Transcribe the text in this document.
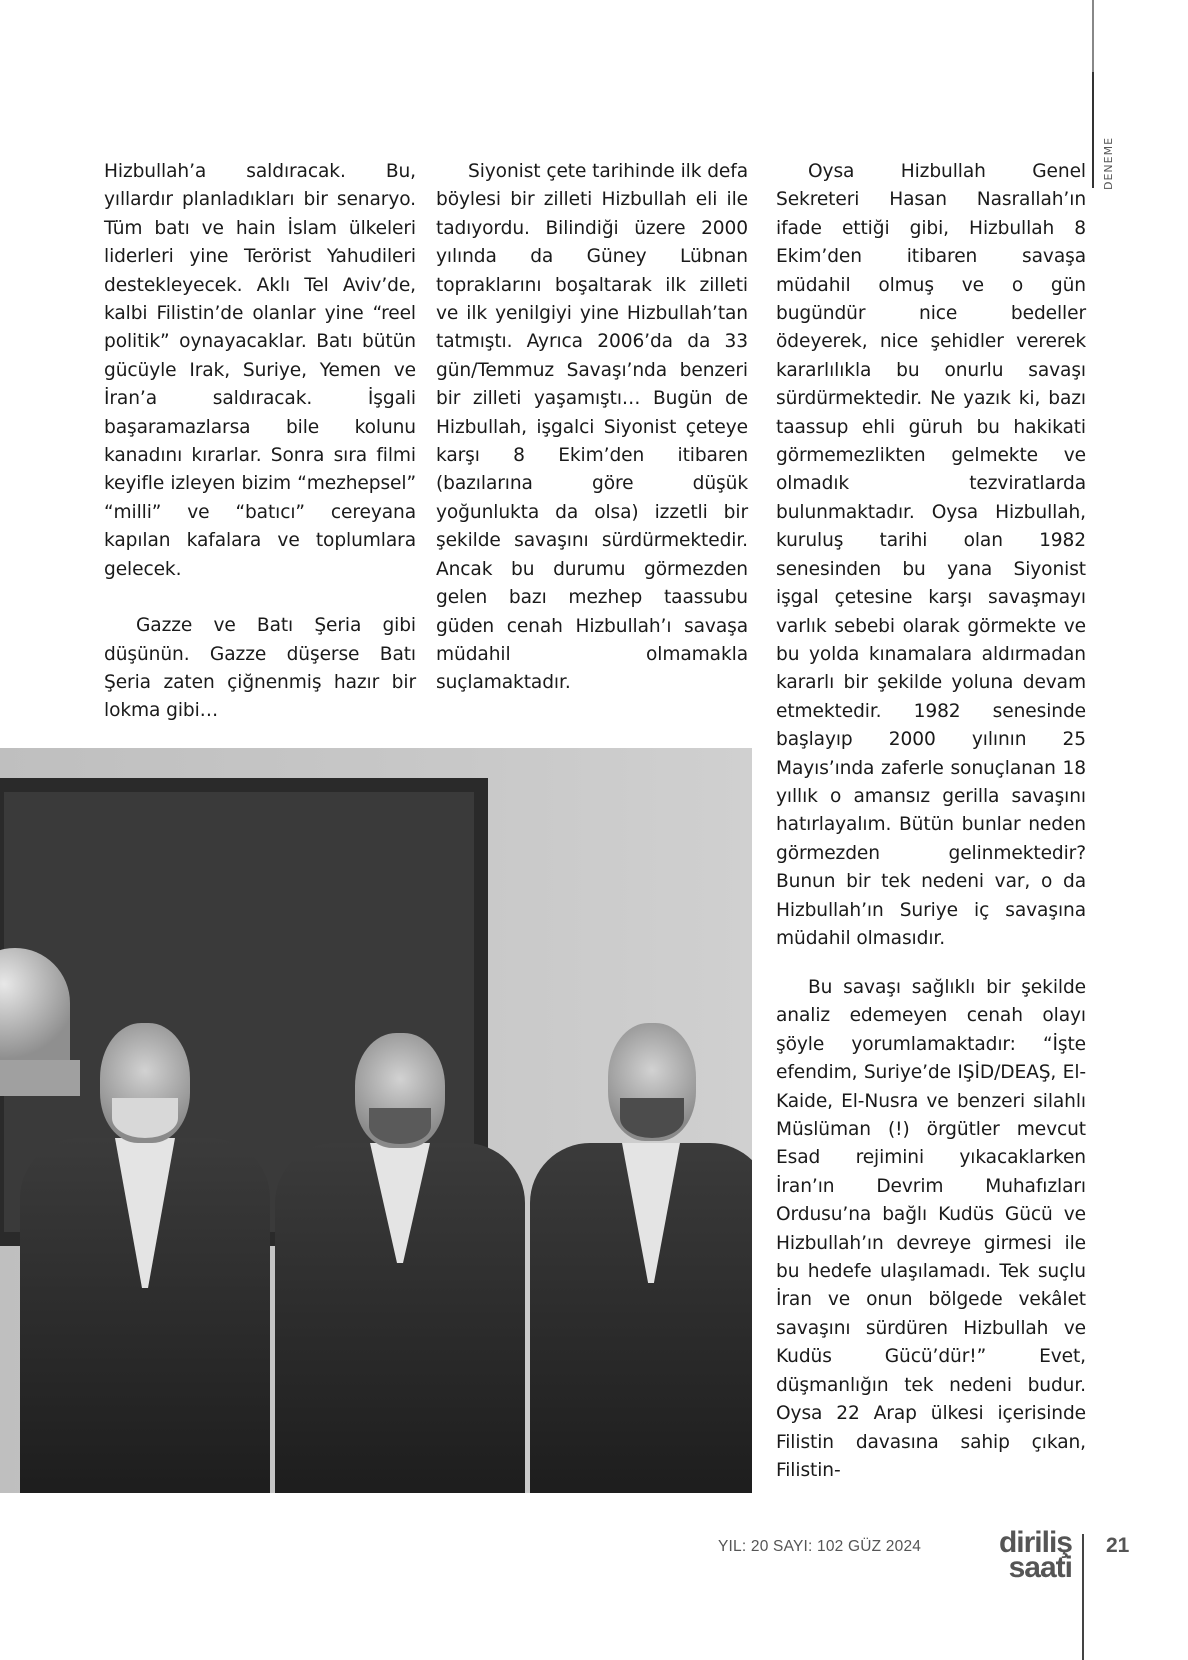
DENEME

Hizbullah’a saldıracak. Bu, yıllardır planladıkları bir senaryo. Tüm batı ve hain İslam ülkeleri liderleri yine Terörist Yahudileri destekleyecek. Aklı Tel Aviv’de, kalbi Filistin’de olanlar yine “reel politik” oynayacaklar. Batı bütün gücüyle Irak, Suriye, Yemen ve İran’a saldıracak. İşgali başaramazlarsa bile kolunu kanadını kırarlar. Sonra sıra filmi keyifle izleyen bizim “mezhepsel” “milli” ve “batıcı” cereyana kapılan kafalara ve toplumlara gelecek.

Gazze ve Batı Şeria gibi düşünün. Gazze düşerse Batı Şeria zaten çiğnenmiş hazır bir lokma gibi…

Siyonist çete tarihinde ilk defa böylesi bir zilleti Hizbullah eli ile tadıyordu. Bilindiği üzere 2000 yılında da Güney Lübnan topraklarını boşaltarak ilk zilleti ve ilk yenilgiyi yine Hizbullah’tan tatmıştı. Ayrıca 2006’da da 33 gün/Temmuz Savaşı’nda benzeri bir zilleti yaşamıştı… Bugün de Hizbullah, işgalci Siyonist çeteye karşı 8 Ekim’den itibaren (bazılarına göre düşük yoğunlukta da olsa) izzetli bir şekilde savaşını sürdürmektedir. Ancak bu durumu görmezden gelen bazı mezhep taassubu güden cenah Hizbullah’ı savaşa müdahil olmamakla suçlamaktadır.

Oysa Hizbullah Genel Sekreteri Hasan Nasrallah’ın ifade ettiği gibi, Hizbullah 8 Ekim’den itibaren savaşa müdahil olmuş ve o gün bugündür nice bedeller ödeyerek, nice şehidler vererek kararlılıkla bu onurlu savaşı sürdürmektedir. Ne yazık ki, bazı taassup ehli güruh bu hakikati görmemezlikten gelmekte ve olmadık tezviratlarda bulunmaktadır. Oysa Hizbullah, kuruluş tarihi olan 1982 senesinden bu yana Siyonist işgal çetesine karşı savaşmayı varlık sebebi olarak görmekte ve bu yolda kınamalara aldırmadan kararlı bir şekilde yoluna devam etmektedir. 1982 senesinde başlayıp 2000 yılının 25 Mayıs’ında zaferle sonuçlanan 18 yıllık o amansız gerilla savaşını hatırlayalım. Bütün bunlar neden görmezden gelinmektedir? Bunun bir tek nedeni var, o da Hizbullah’ın Suriye iç savaşına müdahil olmasıdır.

Bu savaşı sağlıklı bir şekilde analiz edemeyen cenah olayı şöyle yorumlamaktadır: “İşte efendim, Suriye’de IŞİD/DEAŞ, El-Kaide, El-Nusra ve benzeri silahlı Müslüman (!) örgütler mevcut Esad rejimini yıkacaklarken İran’ın Devrim Muhafızları Ordusu’na bağlı Kudüs Gücü ve Hizbullah’ın devreye girmesi ile bu hedefe ulaşılamadı. Tek suçlu İran ve onun bölgede vekâlet savaşını sürdüren Hizbullah ve Kudüs Gücü’dür!” Evet, düşmanlığın tek nedeni budur. Oysa 22 Arap ülkesi içerisinde Filistin davasına sahip çıkan, Filistin-

YIL: 20 SAYI: 102 GÜZ 2024	diriliş
saati
21
